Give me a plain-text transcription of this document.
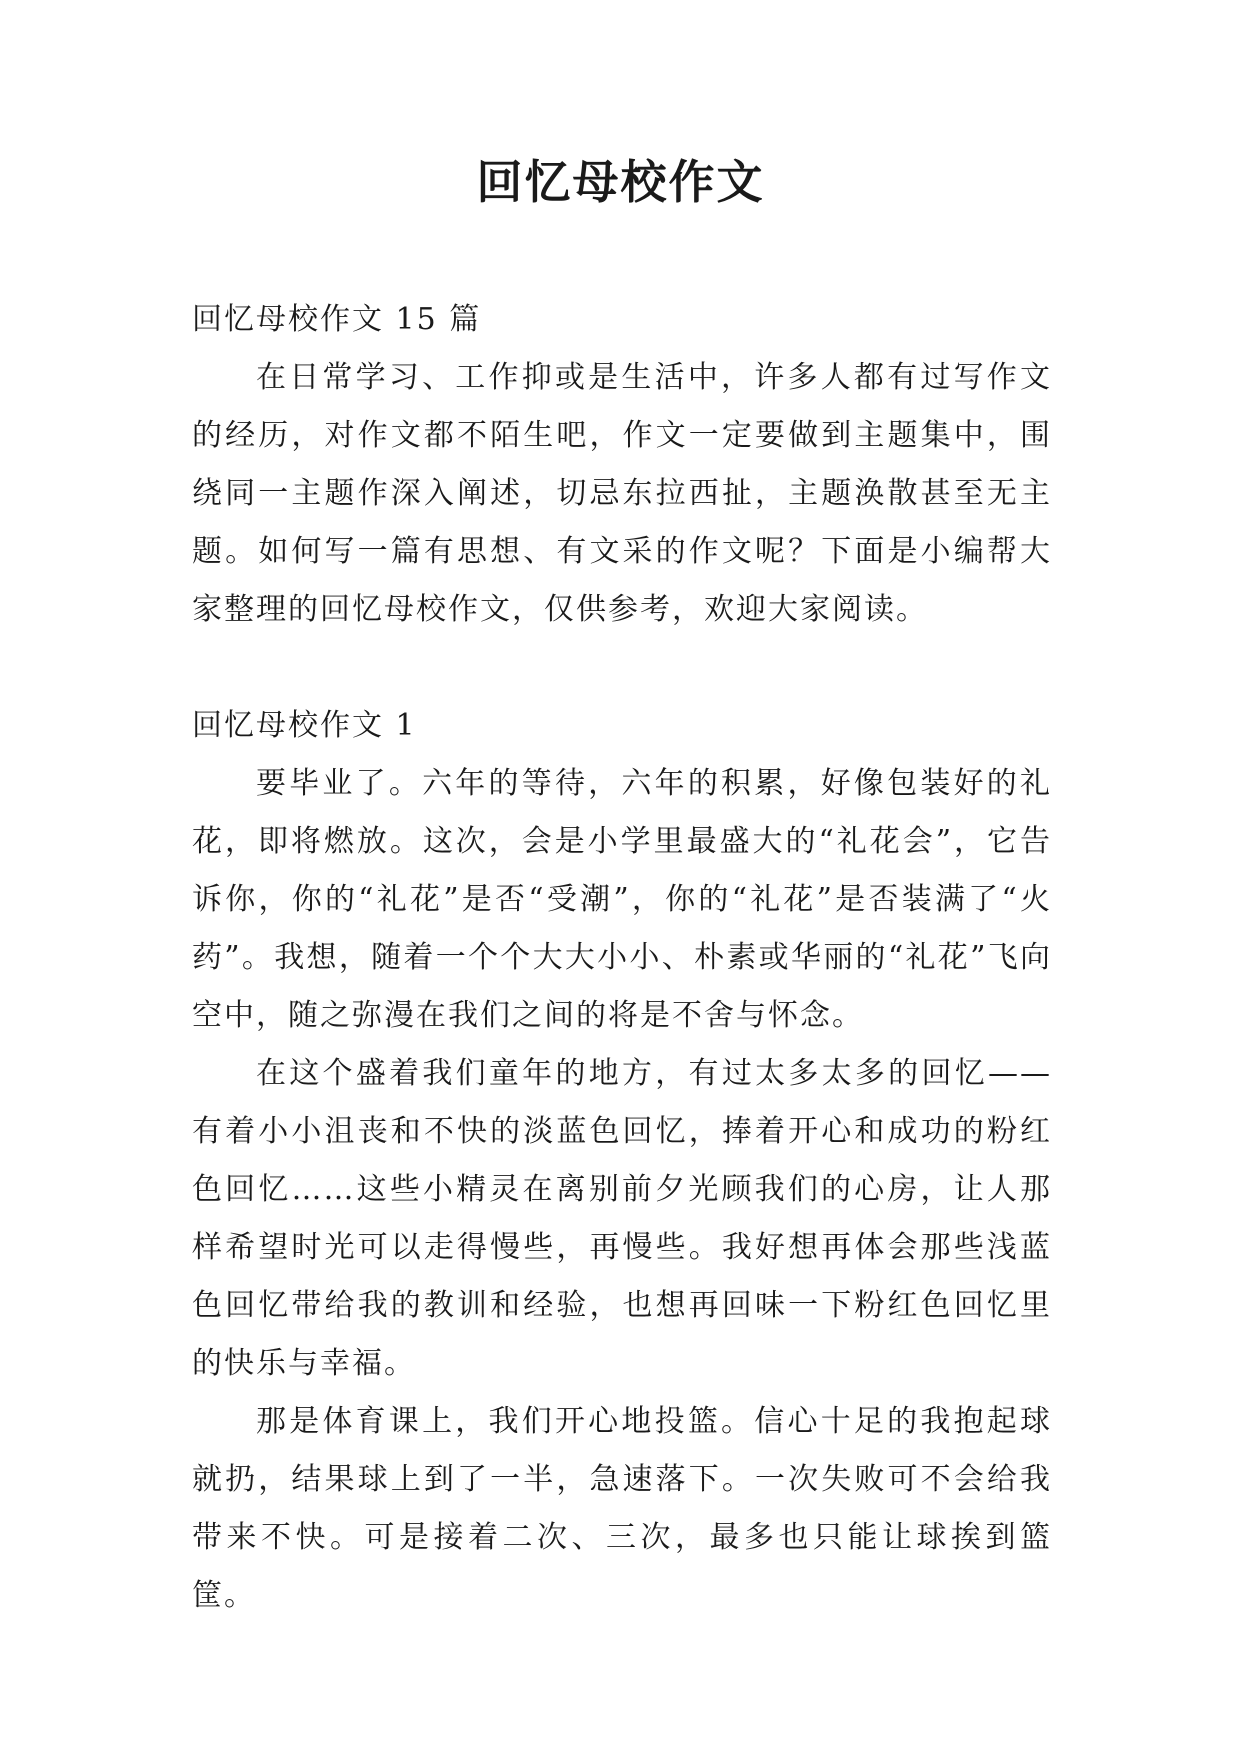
回忆母校作文

回忆母校作文 15 篇

在日常学习、工作抑或是生活中，许多人都有过写作文的经历，对作文都不陌生吧，作文一定要做到主题集中，围绕同一主题作深入阐述，切忌东拉西扯，主题涣散甚至无主题。如何写一篇有思想、有文采的作文呢？下面是小编帮大家整理的回忆母校作文，仅供参考，欢迎大家阅读。

回忆母校作文 1

要毕业了。六年的等待，六年的积累，好像包装好的礼花，即将燃放。这次，会是小学里最盛大的“礼花会”，它告诉你，你的“礼花”是否“受潮”，你的“礼花”是否装满了“火药”。我想，随着一个个大大小小、朴素或华丽的“礼花”飞向空中，随之弥漫在我们之间的将是不舍与怀念。

在这个盛着我们童年的地方，有过太多太多的回忆——有着小小沮丧和不快的淡蓝色回忆，捧着开心和成功的粉红色回忆……这些小精灵在离别前夕光顾我们的心房，让人那样希望时光可以走得慢些，再慢些。我好想再体会那些浅蓝色回忆带给我的教训和经验，也想再回味一下粉红色回忆里的快乐与幸福。

那是体育课上，我们开心地投篮。信心十足的我抱起球就扔，结果球上到了一半，急速落下。一次失败可不会给我带来不快。可是接着二次、三次，最多也只能让球挨到篮筐。
